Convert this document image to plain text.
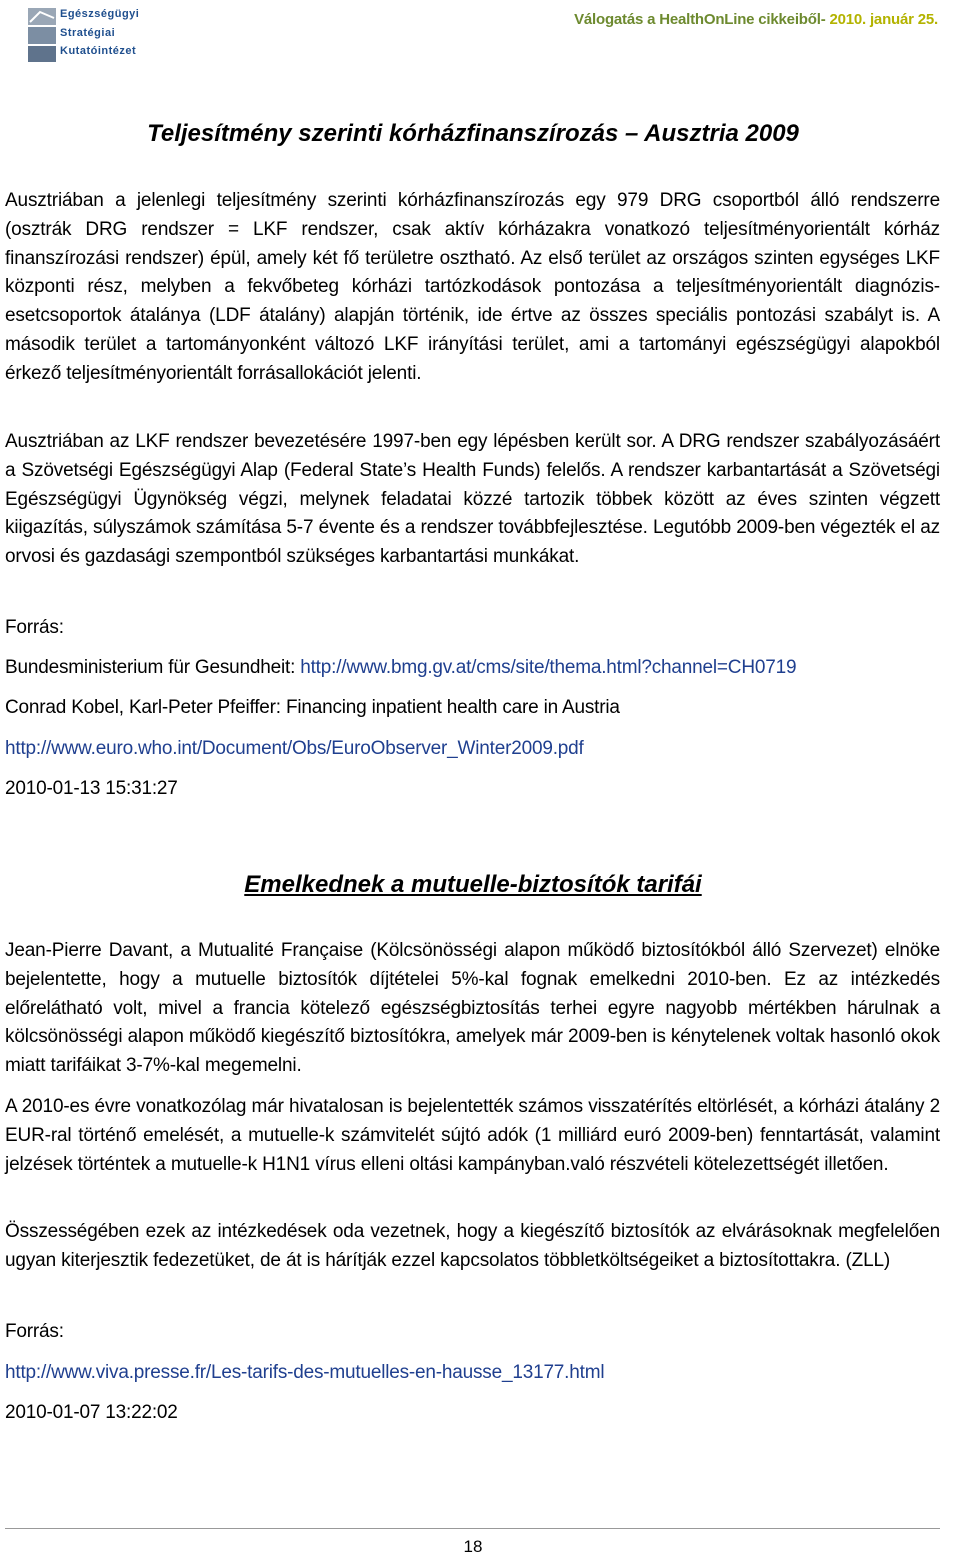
Egészségügyi
Stratégiai
Kutatóintézet
Válogatás a HealthOnLine cikkeiből- 2010. január 25.
Teljesítmény szerinti kórházfinanszírozás – Ausztria 2009

Ausztriában a jelenlegi teljesítmény szerinti kórházfinanszírozás egy 979 DRG csoportból álló rendszerre (osztrák DRG rendszer = LKF rendszer, csak aktív kórházakra vonatkozó teljesítményorientált kórház finanszírozási rendszer) épül, amely két fő területre osztható. Az első terület az országos szinten egységes LKF központi rész, melyben a fekvőbeteg kórházi tartózkodások pontozása a teljesítményorientált diagnózis-esetcsoportok átalánya (LDF átalány) alapján történik, ide értve az összes speciális pontozási szabályt is. A második terület a tartományonként változó LKF irányítási terület, ami a tartományi egészségügyi alapokból érkező teljesítményorientált forrásallokációt jelenti.

Ausztriában az LKF rendszer bevezetésére 1997-ben egy lépésben került sor. A DRG rendszer szabályozásáért a Szövetségi Egészségügyi Alap (Federal State’s Health Funds) felelős. A rendszer karbantartását a Szövetségi Egészségügyi Ügynökség végzi, melynek feladatai közzé tartozik többek között az éves szinten végzett kiigazítás, súlyszámok számítása 5-7 évente és a rendszer továbbfejlesztése. Legutóbb 2009-ben végezték el az orvosi és gazdasági szempontból szükséges karbantartási munkákat.

Forrás:
Bundesministerium für Gesundheit: http://www.bmg.gv.at/cms/site/thema.html?channel=CH0719
Conrad Kobel, Karl-Peter Pfeiffer: Financing inpatient health care in Austria
http://www.euro.who.int/Document/Obs/EuroObserver_Winter2009.pdf
2010-01-13 15:31:27
Emelkednek a mutuelle-biztosítók tarifái

Jean-Pierre Davant, a Mutualité Française (Kölcsönösségi alapon működő biztosítókból álló Szervezet) elnöke bejelentette, hogy a mutuelle biztosítók díjtételei 5%-kal fognak emelkedni 2010-ben. Ez az intézkedés előrelátható volt, mivel a francia kötelező egészségbiztosítás terhei egyre nagyobb mértékben hárulnak a kölcsönösségi alapon működő kiegészítő biztosítókra, amelyek már 2009-ben is kénytelenek voltak hasonló okok miatt tarifáikat 3-7%-kal megemelni.

A 2010-es évre vonatkozólag már hivatalosan is bejelentették számos visszatérítés eltörlését, a kórházi átalány 2 EUR-ral történő emelését, a mutuelle-k számvitelét sújtó adók (1 milliárd euró 2009-ben) fenntartását, valamint jelzések történtek a mutuelle-k H1N1 vírus elleni oltási kampányban.való részvételi kötelezettségét illetően.

Összességében ezek az intézkedések oda vezetnek, hogy a kiegészítő biztosítók az elvárásoknak megfelelően ugyan kiterjesztik fedezetüket, de át is hárítják ezzel kapcsolatos többletköltségeiket a biztosítottakra. (ZLL)

Forrás:
http://www.viva.presse.fr/Les-tarifs-des-mutuelles-en-hausse_13177.html
2010-01-07 13:22:02
18
